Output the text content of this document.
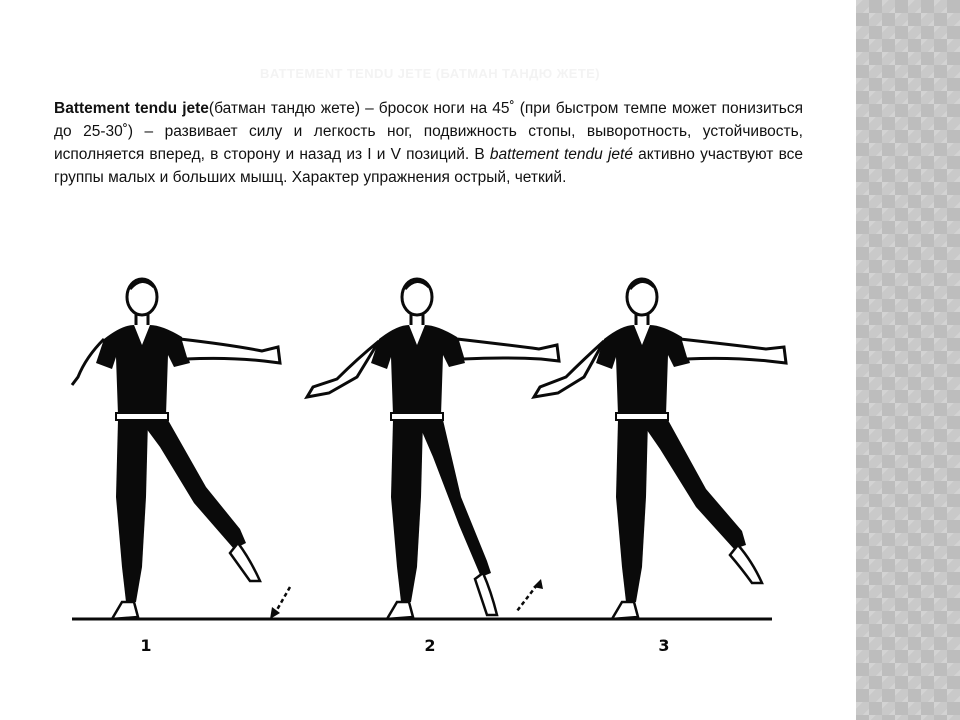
BATTEMENT TENDU JETE (БАТМАН ТАНДЮ ЖЕТЕ)

Battement tendu jete(батман тандю жете) – бросок ноги на 45˚ (при быстром темпе может понизиться до 25-30˚) – развивает силу и легкость ног, подвижность стопы, выворотность, устойчивость, исполняется вперед, в сторону и назад из I и V позиций. В battement tendu jeté активно участвуют все группы малых и больших мышц. Характер упражнения острый, четкий.

1	2	3
